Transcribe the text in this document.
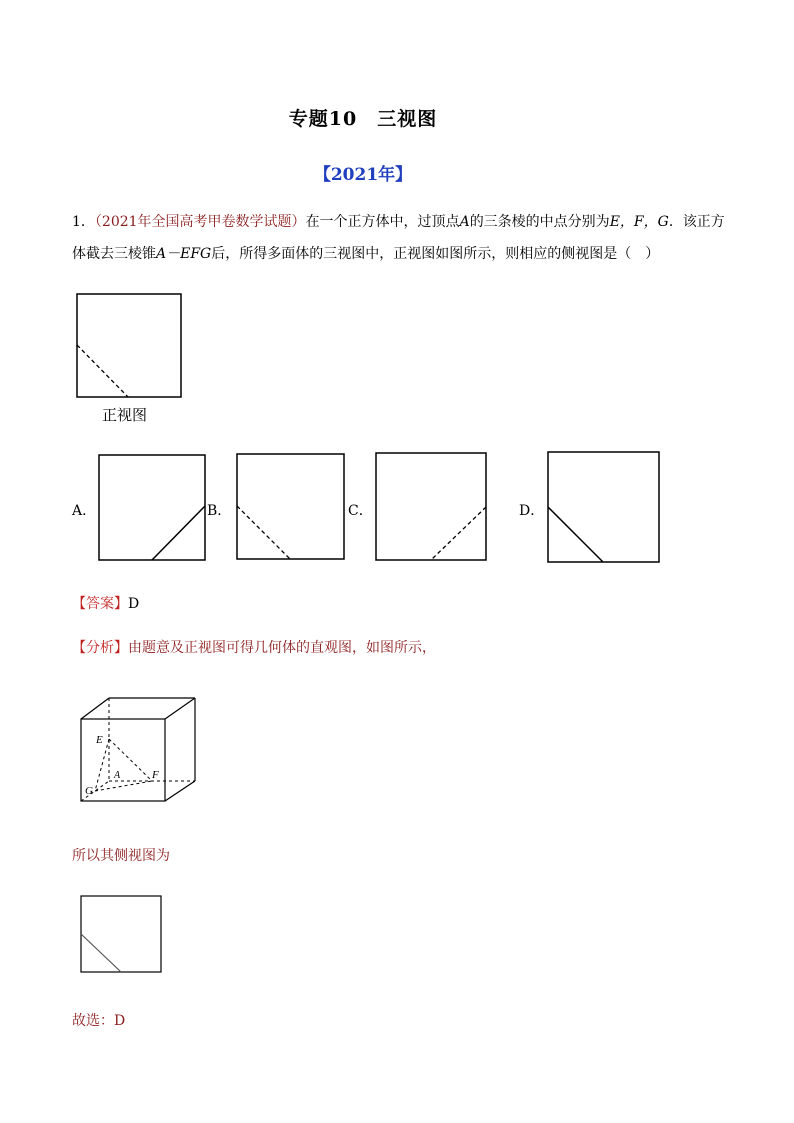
专题10　三视图
【2021年】
1．（2021年全国高考甲卷数学试题）在一个正方体中，过顶点A的三条棱的中点分别为E，F，G．该正方
体截去三棱锥A－EFG后，所得多面体的三视图中，正视图如图所示，则相应的侧视图是（　）
正视图
A．	B．	C．	D．
【答案】D
【分析】由题意及正视图可得几何体的直观图，如图所示，
E
A	F
G
所以其侧视图为
故选：D
